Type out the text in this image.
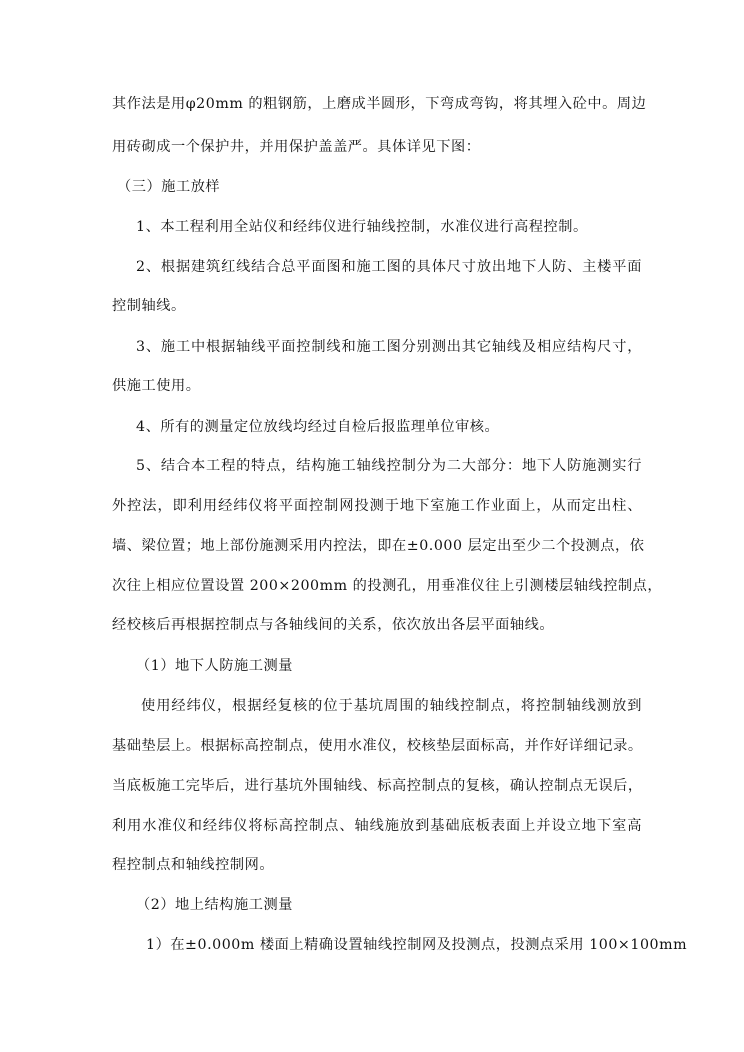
其作法是用φ20mm 的粗钢筋，上磨成半圆形，下弯成弯钩，将其埋入砼中。周边
用砖砌成一个保护井，并用保护盖盖严。具体详见下图：
（三）施工放样
1、本工程利用全站仪和经纬仪进行轴线控制，水准仪进行高程控制。
2、根据建筑红线结合总平面图和施工图的具体尺寸放出地下人防、主楼平面
控制轴线。
3、施工中根据轴线平面控制线和施工图分别测出其它轴线及相应结构尺寸，
供施工使用。
4、所有的测量定位放线均经过自检后报监理单位审核。
5、结合本工程的特点，结构施工轴线控制分为二大部分：地下人防施测实行
外控法，即利用经纬仪将平面控制网投测于地下室施工作业面上，从而定出柱、
墙、梁位置；地上部份施测采用内控法，即在±0.000 层定出至少二个投测点，依
次往上相应位置设置 200×200mm 的投测孔，用垂准仪往上引测楼层轴线控制点，
经校核后再根据控制点与各轴线间的关系，依次放出各层平面轴线。
（1）地下人防施工测量
使用经纬仪，根据经复核的位于基坑周围的轴线控制点，将控制轴线测放到
基础垫层上。根据标高控制点，使用水准仪，校核垫层面标高，并作好详细记录。
当底板施工完毕后，进行基坑外围轴线、标高控制点的复核，确认控制点无误后，
利用水准仪和经纬仪将标高控制点、轴线施放到基础底板表面上并设立地下室高
程控制点和轴线控制网。
（2）地上结构施工测量
1）在±0.000m 楼面上精确设置轴线控制网及投测点，投测点采用 100×100mm
